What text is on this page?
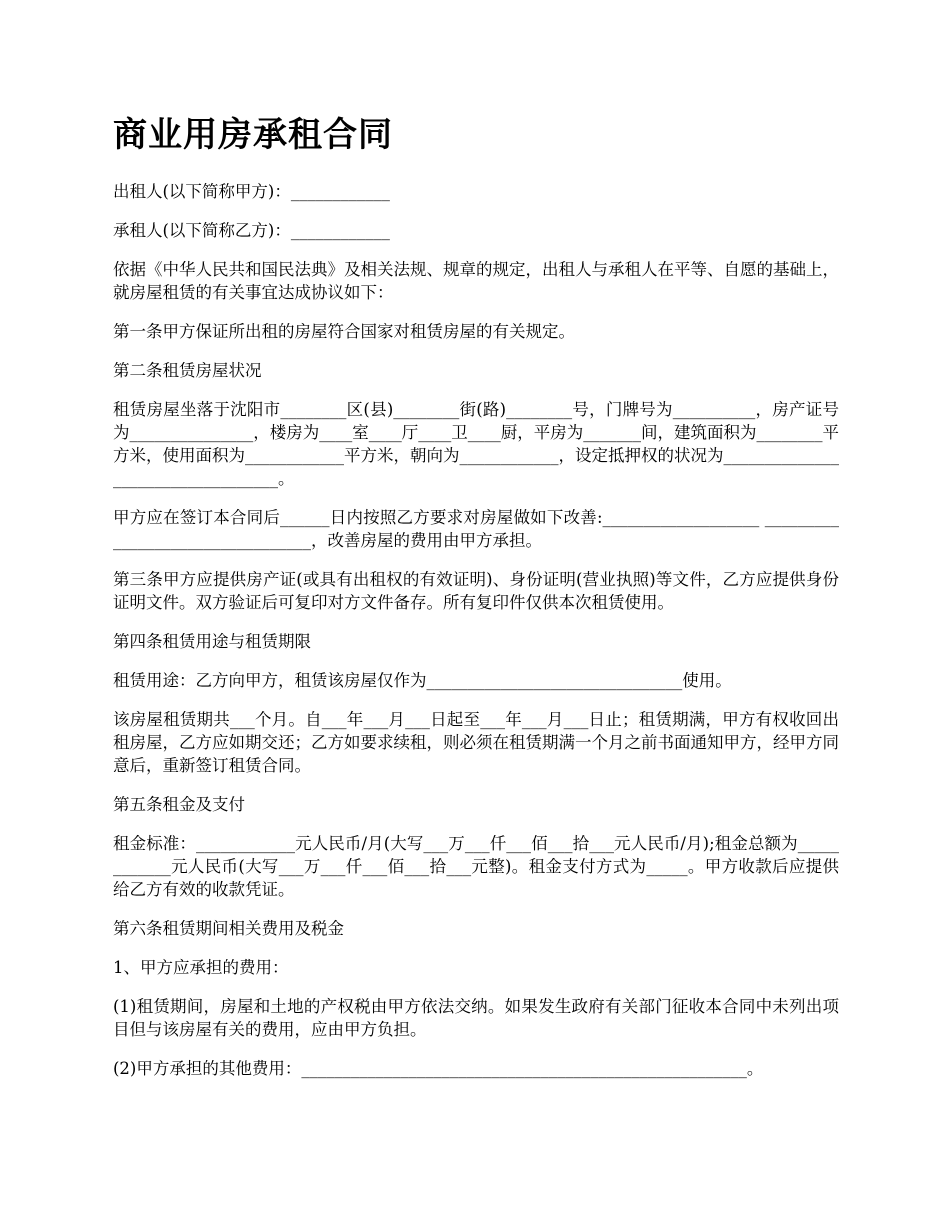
商业用房承租合同

出租人(以下简称甲方)：____________

承租人(以下简称乙方)：____________

依据《中华人民共和国民法典》及相关法规、规章的规定，出租人与承租人在平等、自愿的基础上，就房屋租赁的有关事宜达成协议如下：

第一条甲方保证所出租的房屋符合国家对租赁房屋的有关规定。

第二条租赁房屋状况

租赁房屋坐落于沈阳市________区(县)________街(路)________号，门牌号为__________，房产证号为_______________，楼房为____室____厅____卫____厨，平房为_______间，建筑面积为________平方米，使用面积为____________平方米，朝向为____________，设定抵押权的状况为__________________________________。

甲方应在签订本合同后______日内按照乙方要求对房屋做如下改善:___________________ _________________________________，改善房屋的费用由甲方承担。

第三条甲方应提供房产证(或具有出租权的有效证明)、身份证明(营业执照)等文件，乙方应提供身份证明文件。双方验证后可复印对方文件备存。所有复印件仅供本次租赁使用。

第四条租赁用途与租赁期限

租赁用途：乙方向甲方，租赁该房屋仅作为_______________________________使用。

该房屋租赁期共___个月。自___年___月___日起至___年___月___日止；租赁期满，甲方有权收回出租房屋，乙方应如期交还；乙方如要求续租，则必须在租赁期满一个月之前书面通知甲方，经甲方同意后，重新签订租赁合同。

第五条租金及支付

租金标准：____________元人民币/月(大写___万___仟___佰___拾___元人民币/月);租金总额为____________元人民币(大写___万___仟___佰___拾___元整)。租金支付方式为_____。甲方收款后应提供给乙方有效的收款凭证。

第六条租赁期间相关费用及税金

1、甲方应承担的费用：

(1)租赁期间，房屋和土地的产权税由甲方依法交纳。如果发生政府有关部门征收本合同中未列出项目但与该房屋有关的费用，应由甲方负担。

(2)甲方承担的其他费用：______________________________________________________。
